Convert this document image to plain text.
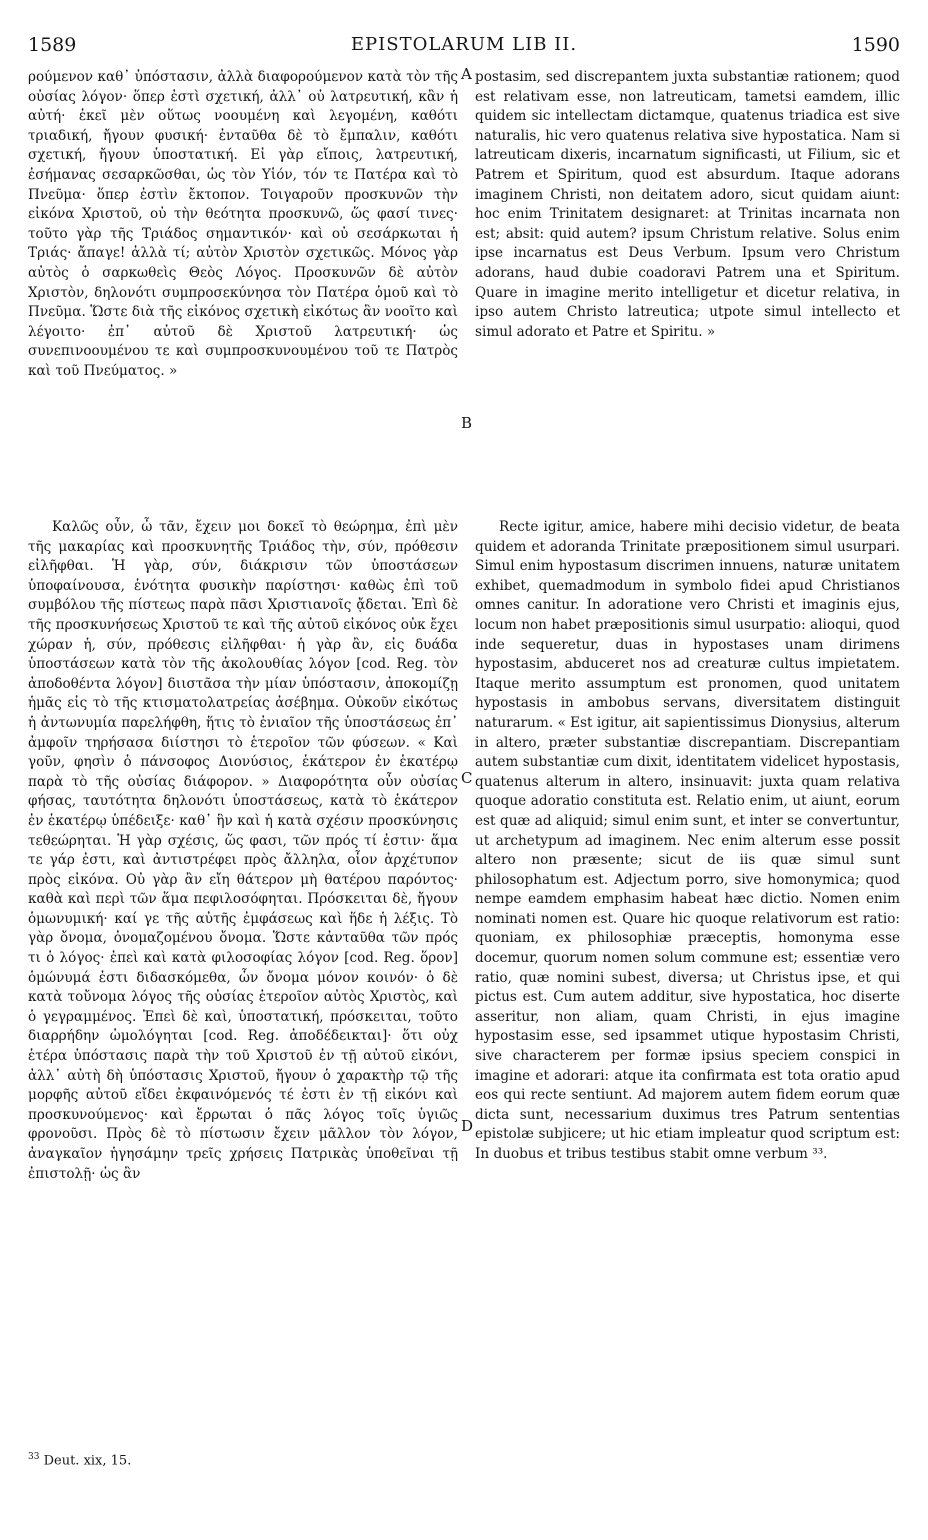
1589	EPISTOLARUM LIB II.	1590

ρούμενον καθ᾽ ὑπόστασιν, ἀλλὰ διαφορούμενον κατὰ τὸν τῆς οὐσίας λόγον· ὅπερ ἐστὶ σχετική, ἀλλ᾽ οὐ λατρευτική, κἂν ἡ αὐτή· ἐκεῖ μὲν οὕτως νοουμένη καὶ λεγομένη, καθότι τριαδική, ἤγουν φυσική· ἐνταῦθα δὲ τὸ ἔμπαλιν, καθότι σχετική, ἤγουν ὑποστατική. Εἰ γὰρ εἴποις, λατρευτική, ἐσήμανας σεσαρκῶσθαι, ὡς τὸν Υἱόν, τόν τε Πατέρα καὶ τὸ Πνεῦμα· ὅπερ ἐστὶν ἔκτοπον. Τοιγαροῦν προσκυνῶν τὴν εἰκόνα Χριστοῦ, οὐ τὴν θεότητα προσκυνῶ, ὥς φασί τινες· τοῦτο γὰρ τῆς Τριάδος σημαντικόν· καὶ οὐ σεσάρκωται ἡ Τριάς· ἄπαγε! ἀλλὰ τί; αὐτὸν Χριστὸν σχετικῶς. Μόνος γὰρ αὐτὸς ὁ σαρκωθεὶς Θεὸς Λόγος. Προσκυνῶν δὲ αὐτὸν Χριστὸν, δηλονότι συμπροσεκύνησα τὸν Πατέρα ὁμοῦ καὶ τὸ Πνεῦμα. Ὥστε διὰ τῆς εἰκόνος σχετικὴ εἰκότως ἂν νοοῖτο καὶ λέγοιτο· ἐπ᾽ αὐτοῦ δὲ Χριστοῦ λατρευτική· ὡς συνεπινοουμένου τε καὶ συμπροσκυνουμένου τοῦ τε Πατρὸς καὶ τοῦ Πνεύματος. »

postasim, sed discrepantem juxta substantiæ rationem; quod est relativam esse, non latreuticam, tametsi eamdem, illic quidem sic intellectam dictamque, quatenus triadica est sive naturalis, hic vero quatenus relativa sive hypostatica. Nam si latreuticam dixeris, incarnatum significasti, ut Filium, sic et Patrem et Spiritum, quod est absurdum. Itaque adorans imaginem Christi, non deitatem adoro, sicut quidam aiunt: hoc enim Trinitatem designaret: at Trinitas incarnata non est; absit: quid autem? ipsum Christum relative. Solus enim ipse incarnatus est Deus Verbum. Ipsum vero Christum adorans, haud dubie coadoravi Patrem una et Spiritum. Quare in imagine merito intelligetur et dicetur relativa, in ipso autem Christo latreutica; utpote simul intellecto et simul adorato et Patre et Spiritu. »

Καλῶς οὖν, ὦ τᾶν, ἔχειν μοι δοκεῖ τὸ θεώρημα, ἐπὶ μὲν τῆς μακαρίας καὶ προσκυνητῆς Τριάδος τὴν, σύν, πρόθεσιν εἰλῆφθαι. Ἡ γὰρ, σύν, διάκρισιν τῶν ὑποστάσεων ὑποφαίνουσα, ἑνότητα φυσικὴν παρίστησι· καθὼς ἐπὶ τοῦ συμβόλου τῆς πίστεως παρὰ πᾶσι Χριστιανοῖς ᾄδεται. Ἐπὶ δὲ τῆς προσκυνήσεως Χριστοῦ τε καὶ τῆς αὐτοῦ εἰκόνος οὐκ ἔχει χώραν ἡ, σύν, πρόθεσις εἰλῆφθαι· ἡ γὰρ ἂν, εἰς δυάδα ὑποστάσεων κατὰ τὸν τῆς ἀκολουθίας λόγον [cod. Reg. τὸν ἀποδοθέντα λόγον] διιστᾶσα τὴν μίαν ὑπόστασιν, ἀποκομίζῃ ἡμᾶς εἰς τὸ τῆς κτισματολατρείας ἀσέβημα. Οὐκοῦν εἰκότως ἡ ἀντωνυμία παρελήφθη, ἥτις τὸ ἑνιαῖον τῆς ὑποστάσεως ἐπ᾽ ἀμφοῖν τηρήσασα διίστησι τὸ ἑτεροῖον τῶν φύσεων. « Καὶ γοῦν, φησὶν ὁ πάνσοφος Διονύσιος, ἑκάτερον ἐν ἑκατέρῳ παρὰ τὸ τῆς οὐσίας διάφορον. » Διαφορότητα οὖν οὐσίας φήσας, ταυτότητα δηλονότι ὑποστάσεως, κατὰ τὸ ἑκάτερον ἐν ἑκατέρῳ ὑπέδειξε· καθ᾽ ἣν καὶ ἡ κατὰ σχέσιν προσκύνησις τεθεώρηται. Ἡ γὰρ σχέσις, ὥς φασι, τῶν πρός τί ἐστιν· ἅμα τε γάρ ἐστι, καὶ ἀντιστρέφει πρὸς ἄλληλα, οἷον ἀρχέτυπον πρὸς εἰκόνα. Οὐ γὰρ ἂν εἴη θάτερον μὴ θατέρου παρόντος· καθὰ καὶ περὶ τῶν ἅμα πεφιλοσόφηται. Πρόσκειται δὲ, ἤγουν ὁμωνυμική· καί γε τῆς αὐτῆς ἐμφάσεως καὶ ἥδε ἡ λέξις. Τὸ γὰρ ὄνομα, ὀνομαζομένου ὄνομα. Ὥστε κἀνταῦθα τῶν πρός τι ὁ λόγος· ἐπεὶ καὶ κατὰ φιλοσοφίας λόγον [cod. Reg. ὅρον] ὁμώνυμά ἐστι διδασκόμεθα, ὧν ὄνομα μόνον κοινόν· ὁ δὲ κατὰ τοὔνομα λόγος τῆς οὐσίας ἑτεροῖον αὐτὸς Χριστὸς, καὶ ὁ γεγραμμένος. Ἐπεὶ δὲ καὶ, ὑποστατική, πρόσκειται, τοῦτο διαρρήδην ὡμολόγηται [cod. Reg. ἀποδέδεικται]· ὅτι οὐχ ἑτέρα ὑπόστασις παρὰ τὴν τοῦ Χριστοῦ ἐν τῇ αὐτοῦ εἰκόνι, ἀλλ᾽ αὐτὴ δὴ ὑπόστασις Χριστοῦ, ἤγουν ὁ χαρακτὴρ τῷ τῆς μορφῆς αὐτοῦ εἴδει ἐκφαινόμενός τέ ἐστι ἐν τῇ εἰκόνι καὶ προσκυνούμενος· καὶ ἔρρωται ὁ πᾶς λόγος τοῖς ὑγιῶς φρονοῦσι. Πρὸς δὲ τὸ πίστωσιν ἔχειν μᾶλλον τὸν λόγον, ἀναγκαῖον ἡγησάμην τρεῖς χρήσεις Πατρικὰς ὑποθεῖναι τῇ ἐπιστολῇ· ὡς ἂν

Recte igitur, amice, habere mihi decisio videtur, de beata quidem et adoranda Trinitate præpositionem simul usurpari. Simul enim hypostasum discrimen innuens, naturæ unitatem exhibet, quemadmodum in symbolo fidei apud Christianos omnes canitur. In adoratione vero Christi et imaginis ejus, locum non habet præpositionis simul usurpatio: alioqui, quod inde sequeretur, duas in hypostases unam dirimens hypostasim, abduceret nos ad creaturæ cultus impietatem. Itaque merito assumptum est pronomen, quod unitatem hypostasis in ambobus servans, diversitatem distinguit naturarum. « Est igitur, ait sapientissimus Dionysius, alterum in altero, præter substantiæ discrepantiam. Discrepantiam autem substantiæ cum dixit, identitatem videlicet hypostasis, quatenus alterum in altero, insinuavit: juxta quam relativa quoque adoratio constituta est. Relatio enim, ut aiunt, eorum est quæ ad aliquid; simul enim sunt, et inter se convertuntur, ut archetypum ad imaginem. Nec enim alterum esse possit altero non præsente; sicut de iis quæ simul sunt philosophatum est. Adjectum porro, sive homonymica; quod nempe eamdem emphasim habeat hæc dictio. Nomen enim nominati nomen est. Quare hic quoque relativorum est ratio: quoniam, ex philosophiæ præceptis, homonyma esse docemur, quorum nomen solum commune est; essentiæ vero ratio, quæ nomini subest, diversa; ut Christus ipse, et qui pictus est. Cum autem additur, sive hypostatica, hoc diserte asseritur, non aliam, quam Christi, in ejus imagine hypostasim esse, sed ipsammet utique hypostasim Christi, sive characterem per formæ ipsius speciem conspici in imagine et adorari: atque ita confirmata est tota oratio apud eos qui recte sentiunt. Ad majorem autem fidem eorum quæ dicta sunt, necessarium duximus tres Patrum sententias epistolæ subjicere; ut hic etiam impleatur quod scriptum est: In duobus et tribus testibus stabit omne verbum ³³.

A
B
C
D
$^{33}$ Deut. xix, 15.
